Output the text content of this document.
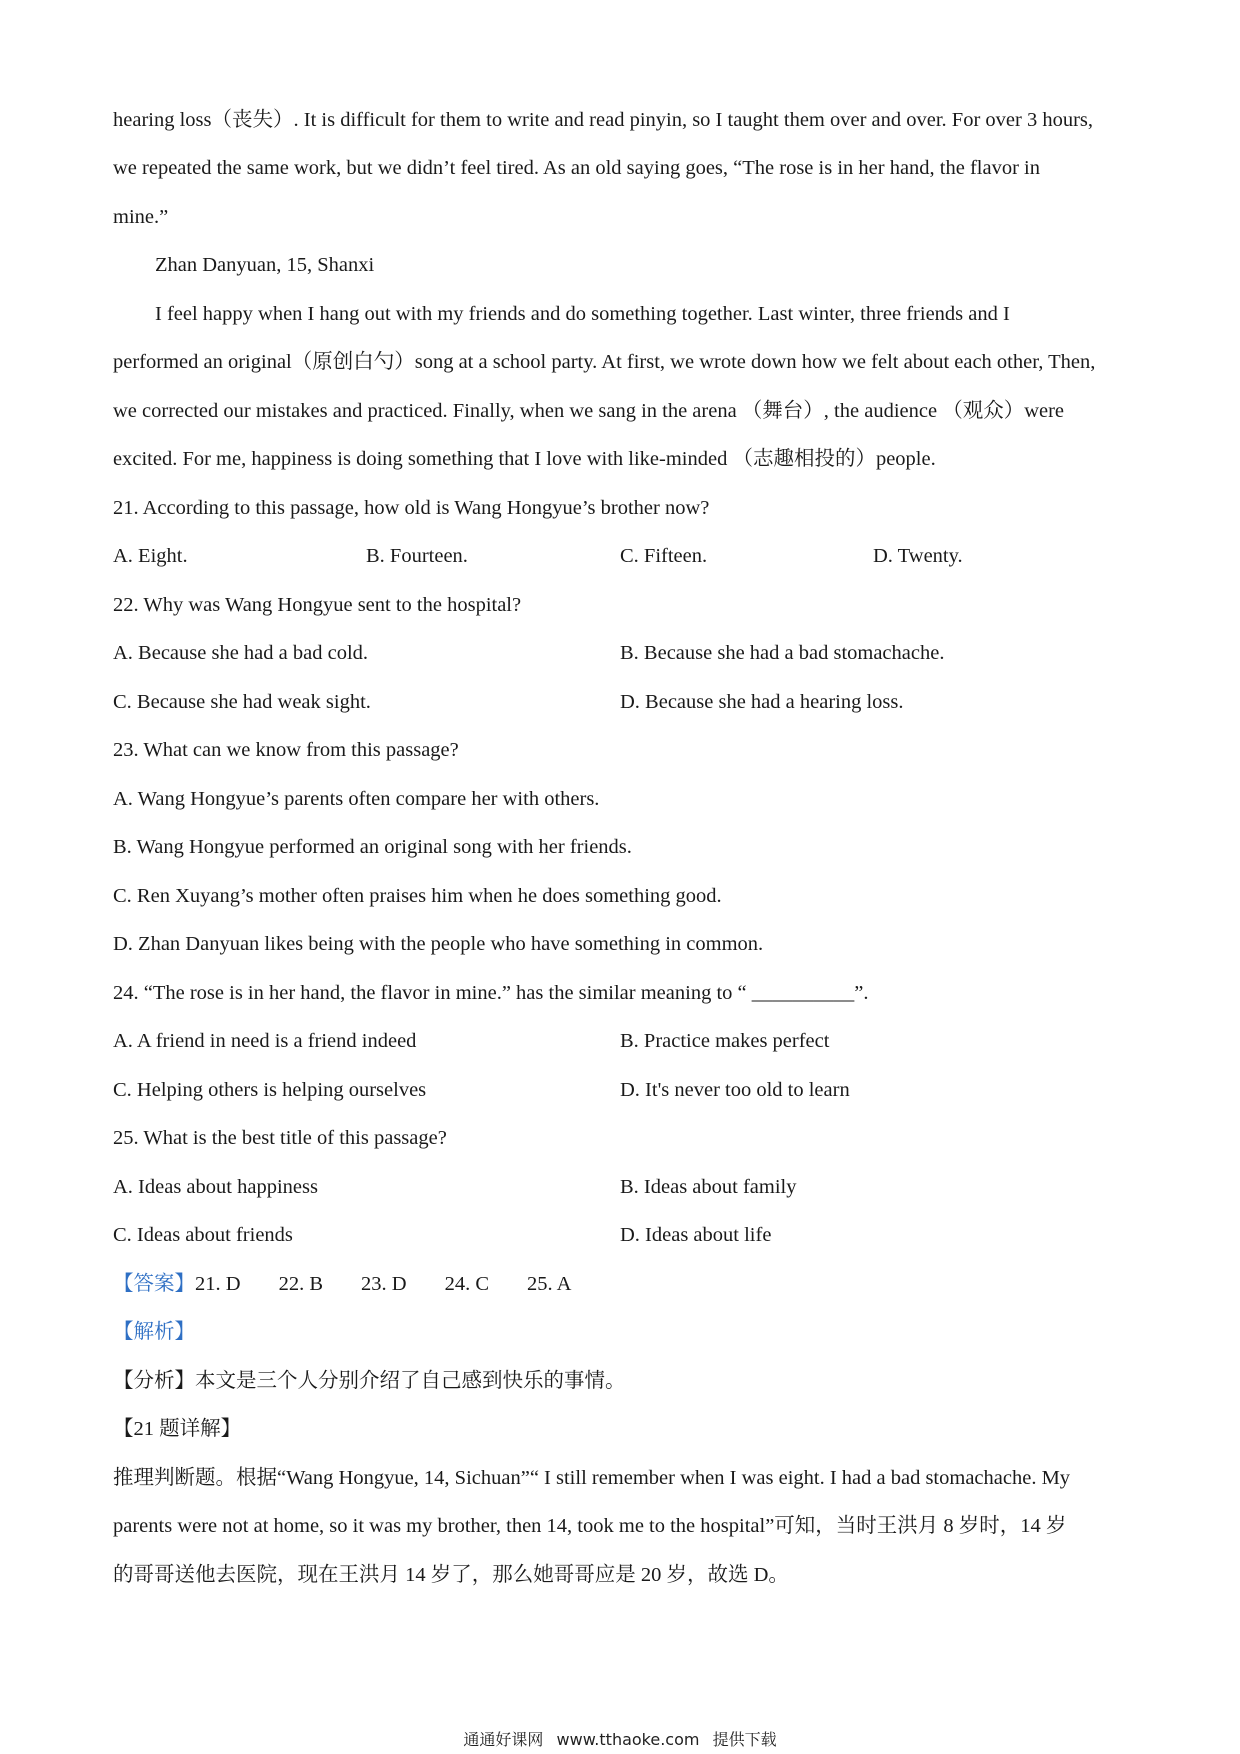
hearing loss（丧失）. It is difficult for them to write and read pinyin, so I taught them over and over. For over 3 hours,
we repeated the same work, but we didn’t feel tired. As an old saying goes, “The rose is in her hand, the flavor in
mine.”
Zhan Danyuan, 15, Shanxi
I feel happy when I hang out with my friends and do something together. Last winter, three friends and I
performed an original（原创白勺）song at a school party. At first, we wrote down how we felt about each other, Then,
we corrected our mistakes and practiced. Finally, when we sang in the arena （舞台）, the audience （观众）were
excited. For me, happiness is doing something that I love with like-minded （志趣相投的）people.
21. According to this passage, how old is Wang Hongyue’s brother now?
A. Eight.	B. Fourteen.	C. Fifteen.	D. Twenty.
22. Why was Wang Hongyue sent to the hospital?
A. Because she had a bad cold.	B. Because she had a bad stomachache.
C. Because she had weak sight.	D. Because she had a hearing loss.
23. What can we know from this passage?
A. Wang Hongyue’s parents often compare her with others.
B. Wang Hongyue performed an original song with her friends.
C. Ren Xuyang’s mother often praises him when he does something good.
D. Zhan Danyuan likes being with the people who have something in common.
24. “The rose is in her hand, the flavor in mine.” has the similar meaning to “ __________”.
A. A friend in need is a friend indeed	B. Practice makes perfect
C. Helping others is helping ourselves	D. It's never too old to learn
25. What is the best title of this passage?
A. Ideas about happiness	B. Ideas about family
C. Ideas about friends	D. Ideas about life
【答案】21. D 22. B 23. D 24. C 25. A
【解析】
【分析】本文是三个人分别介绍了自己感到快乐的事情。
【21 题详解】
推理判断题。根据“Wang Hongyue, 14, Sichuan”“ I still remember when I was eight. I had a bad stomachache. My
parents were not at home, so it was my brother, then 14, took me to the hospital”可知，当时王洪月 8 岁时，14 岁
的哥哥送他去医院，现在王洪月 14 岁了，那么她哥哥应是 20 岁，故选 D。
通通好课网 www.tthaoke.com 提供下载
